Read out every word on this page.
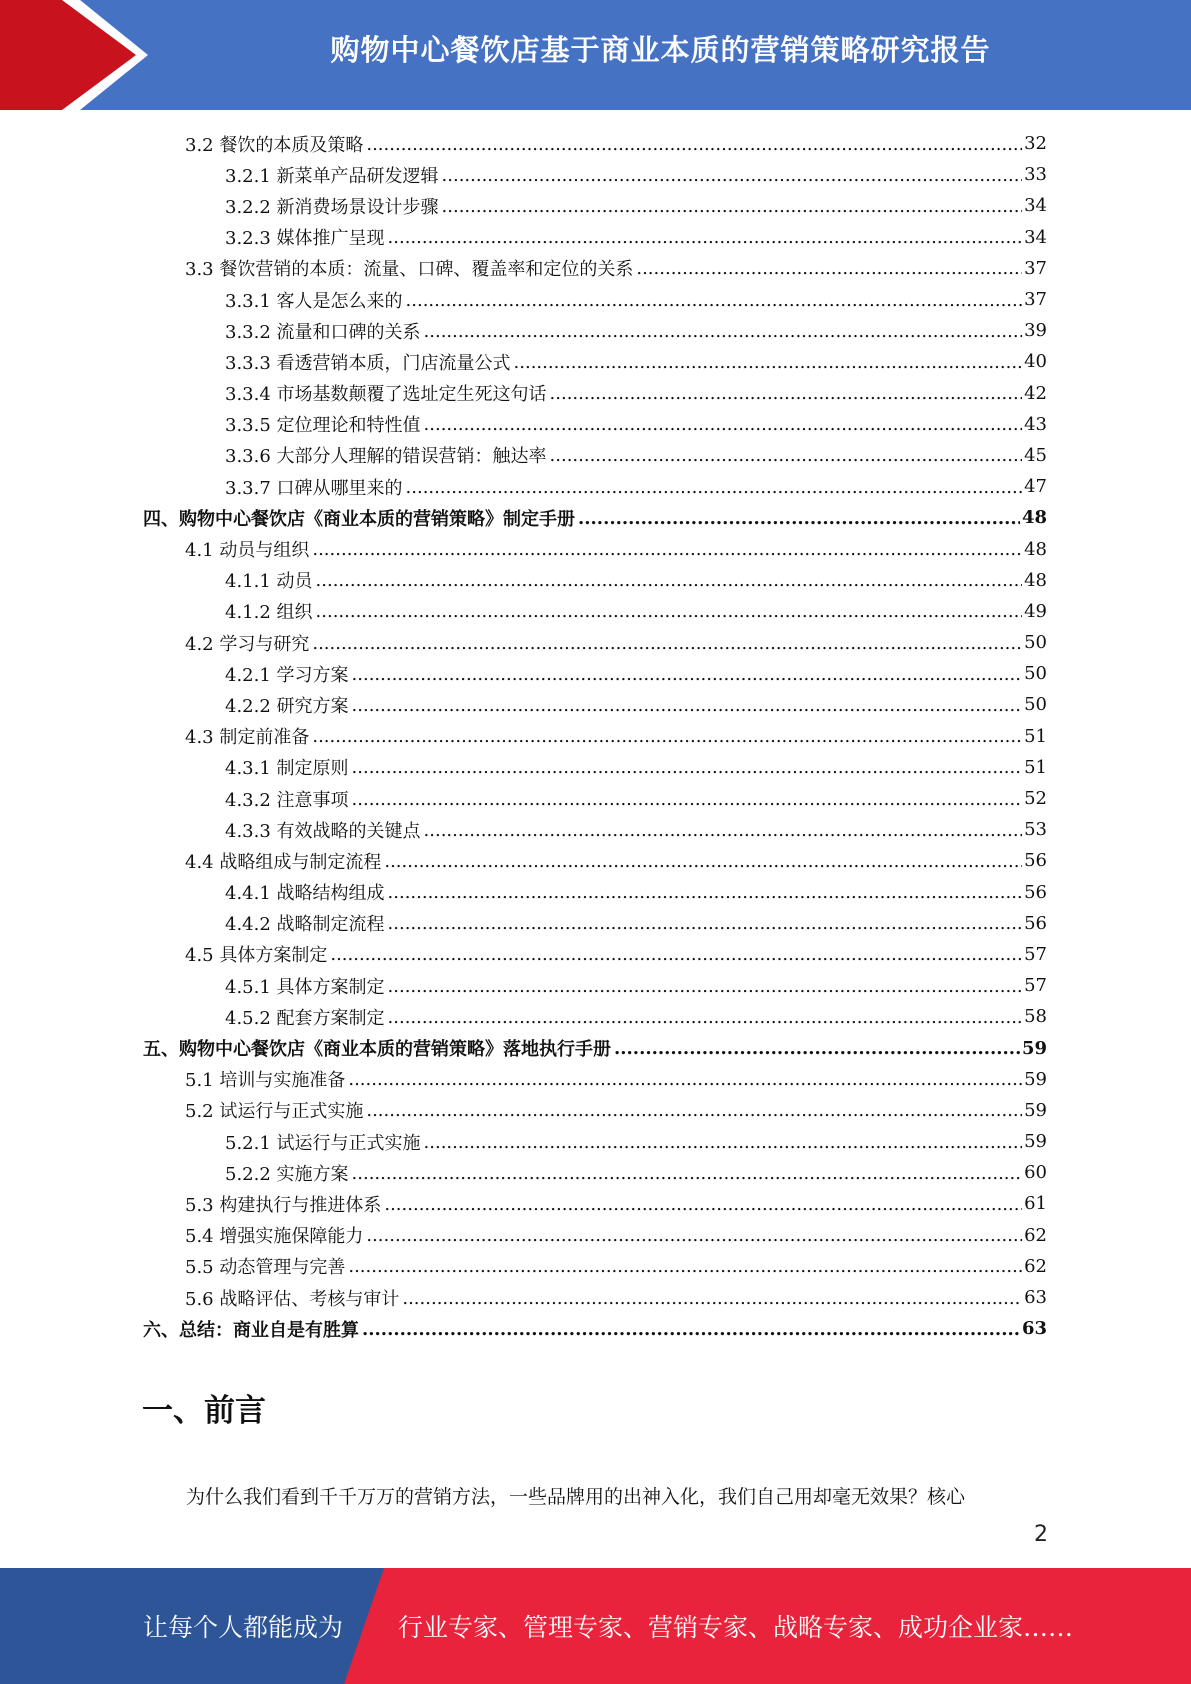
购物中心餐饮店基于商业本质的营销策略研究报告
3.2 餐饮的本质及策略 .....	32
3.2.1 新菜单产品研发逻辑 .....	33
3.2.2 新消费场景设计步骤 .....	34
3.2.3 媒体推广呈现 .....	34
3.3 餐饮营销的本质：流量、口碑、覆盖率和定位的关系 .....	37
3.3.1 客人是怎么来的 .....	37
3.3.2 流量和口碑的关系 .....	39
3.3.3 看透营销本质，门店流量公式 .....	40
3.3.4 市场基数颠覆了选址定生死这句话 .....	42
3.3.5 定位理论和特性值 .....	43
3.3.6 大部分人理解的错误营销：触达率 .....	45
3.3.7 口碑从哪里来的 .....	47
四、购物中心餐饮店《商业本质的营销策略》制定手册 .....	48
4.1 动员与组织 .....	48
4.1.1 动员 .....	48
4.1.2 组织 .....	49
4.2 学习与研究 .....	50
4.2.1 学习方案 .....	50
4.2.2 研究方案 .....	50
4.3 制定前准备 .....	51
4.3.1 制定原则 .....	51
4.3.2 注意事项 .....	52
4.3.3 有效战略的关键点 .....	53
4.4 战略组成与制定流程 .....	56
4.4.1 战略结构组成 .....	56
4.4.2 战略制定流程 .....	56
4.5 具体方案制定 .....	57
4.5.1 具体方案制定 .....	57
4.5.2 配套方案制定 .....	58
五、购物中心餐饮店《商业本质的营销策略》落地执行手册 .....	59
5.1 培训与实施准备 .....	59
5.2 试运行与正式实施 .....	59
5.2.1 试运行与正式实施 .....	59
5.2.2 实施方案 .....	60
5.3 构建执行与推进体系 .....	61
5.4 增强实施保障能力 .....	62
5.5 动态管理与完善 .....	62
5.6 战略评估、考核与审计 .....	63
六、总结：商业自是有胜算 .....	63
一、前言
为什么我们看到千千万万的营销方法，一些品牌用的出神入化，我们自己用却毫无效果？核心
2
让每个人都能成为 行业专家、管理专家、营销专家、战略专家、成功企业家……
